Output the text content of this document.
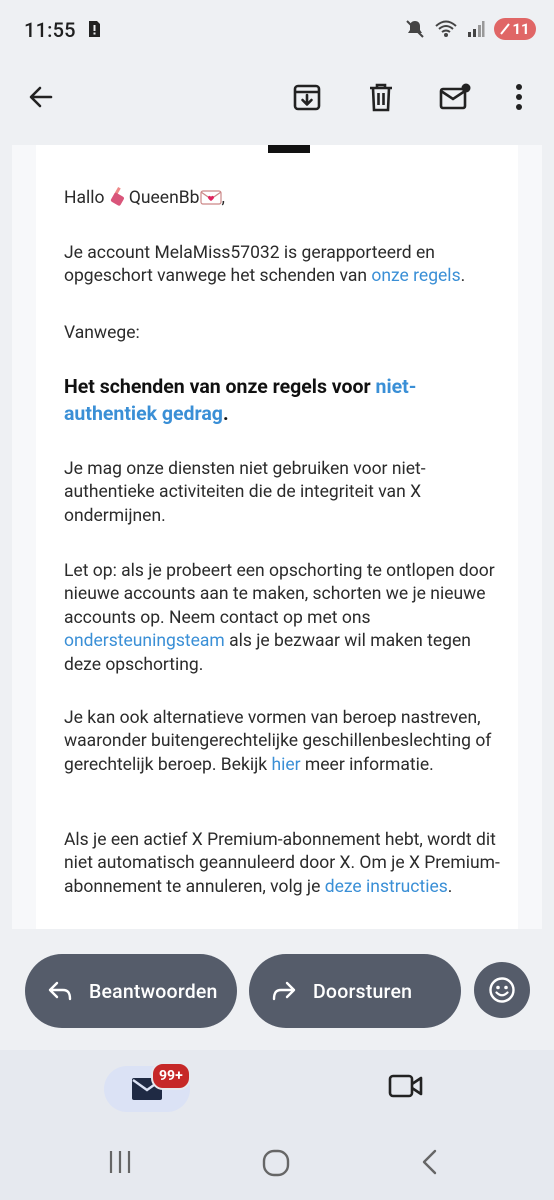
11:55	11
Hallo QueenBb ,
Je account MelaMiss57032 is gerapporteerd en opgeschort vanwege het schenden van onze regels.
Vanwege:
Het schenden van onze regels voor niet-authentiek gedrag.
Je mag onze diensten niet gebruiken voor niet-authentieke activiteiten die de integriteit van X ondermijnen.
Let op: als je probeert een opschorting te ontlopen door nieuwe accounts aan te maken, schorten we je nieuwe accounts op. Neem contact op met ons ondersteuningsteam als je bezwaar wil maken tegen deze opschorting.
Je kan ook alternatieve vormen van beroep nastreven, waaronder buitengerechtelijke geschillenbeslechting of gerechtelijk beroep. Bekijk hier meer informatie.
Als je een actief X Premium-abonnement hebt, wordt dit niet automatisch geannuleerd door X. Om je X Premium-abonnement te annuleren, volg je deze instructies.
Beantwoorden	Doorsturen
99+
